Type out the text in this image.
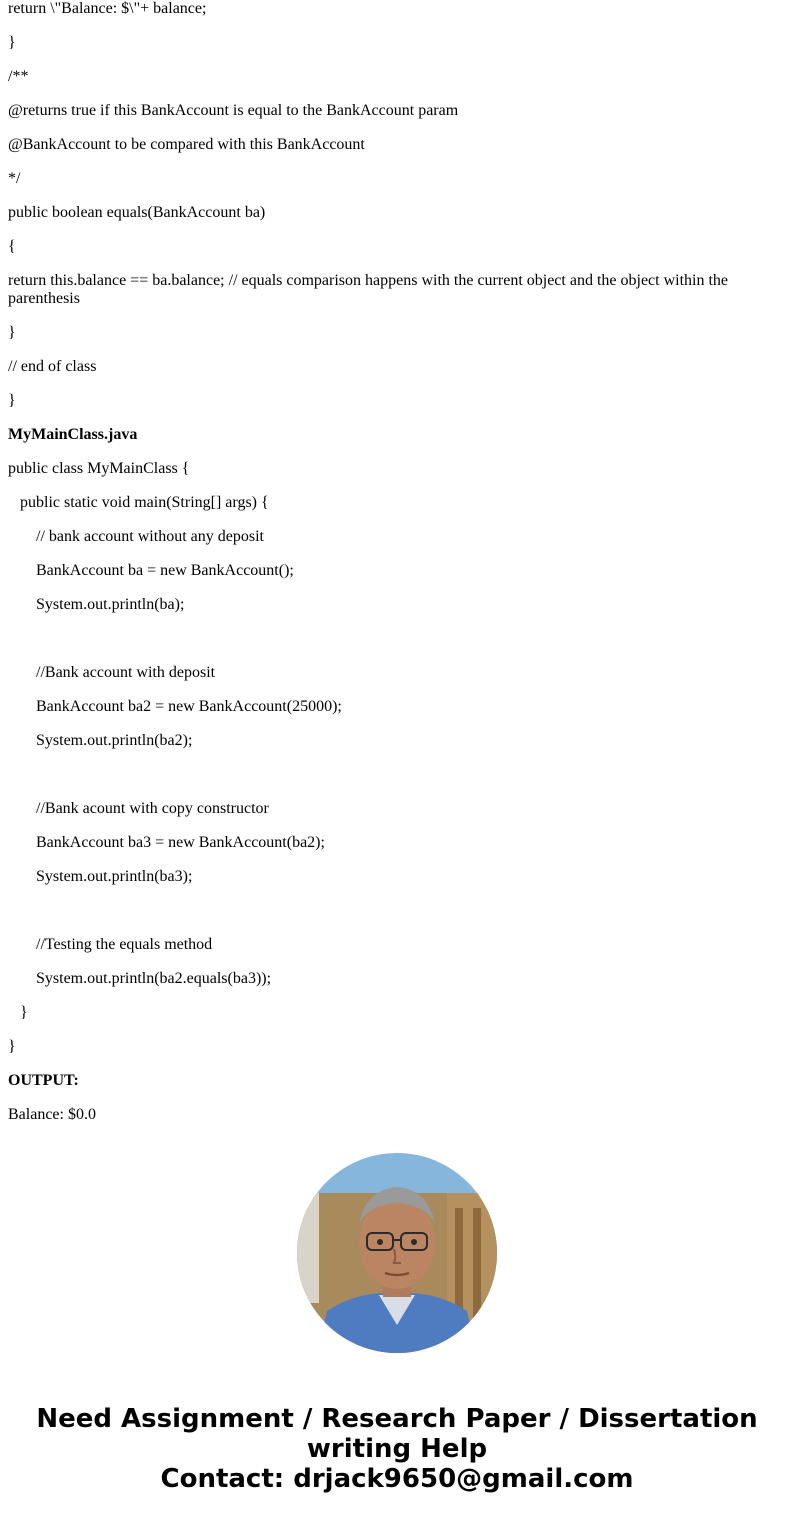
return \"Balance: $\"+ balance;

}

/**

@returns true if this BankAccount is equal to the BankAccount param

@BankAccount to be compared with this BankAccount

*/

public boolean equals(BankAccount ba)

{

return this.balance == ba.balance; // equals comparison happens with the current object and the object within the parenthesis

}

// end of class

}

MyMainClass.java

public class MyMainClass {

public static void main(String[] args) {

// bank account without any deposit

BankAccount ba = new BankAccount();

System.out.println(ba);

//Bank account with deposit

BankAccount ba2 = new BankAccount(25000);

System.out.println(ba2);

//Bank acount with copy constructor

BankAccount ba3 = new BankAccount(ba2);

System.out.println(ba3);

//Testing the equals method

System.out.println(ba2.equals(ba3));

}

}

OUTPUT:

Balance: $0.0

Need Assignment / Research Paper / Dissertation writing Help
Contact: drjack9650@gmail.com
